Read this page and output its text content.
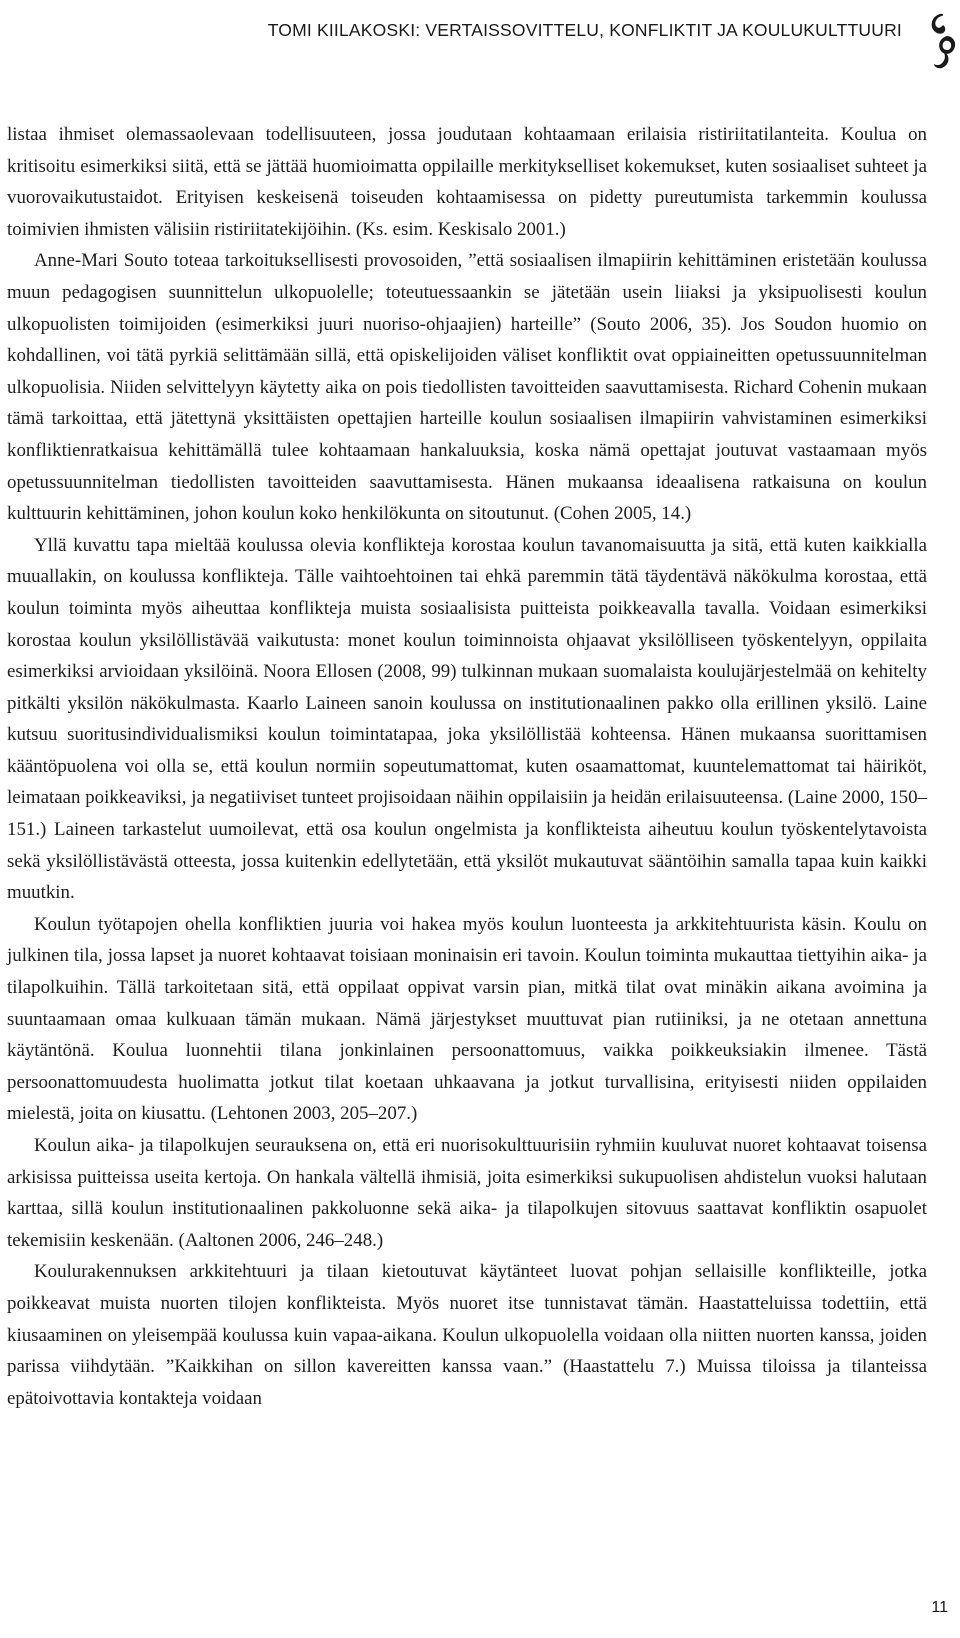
TOMI KIILAKOSKI: VERTAISSOVITTELU, KONFLIKTIT JA KOULUKULTTUURI

listaa ihmiset olemassaolevaan todellisuuteen, jossa joudutaan kohtaamaan erilaisia ristiriitatilanteita. Koulua on kritisoitu esimerkiksi siitä, että se jättää huomioimatta oppilaille merkitykselliset kokemukset, kuten sosiaaliset suhteet ja vuorovaikutustaidot. Erityisen keskeisenä toiseuden kohtaamisessa on pidetty pureutumista tarkemmin koulussa toimivien ihmisten välisiin ristiriitatekijöihin. (Ks. esim. Keskisalo 2001.)

Anne-Mari Souto toteaa tarkoituksellisesti provosoiden, ”että sosiaalisen ilmapiirin kehittäminen eristetään koulussa muun pedagogisen suunnittelun ulkopuolelle; toteutuessaankin se jätetään usein liiaksi ja yksipuolisesti koulun ulkopuolisten toimijoiden (esimerkiksi juuri nuoriso-ohjaajien) harteille” (Souto 2006, 35). Jos Soudon huomio on kohdallinen, voi tätä pyrkiä selittämään sillä, että opiskelijoiden väliset konfliktit ovat oppiaineitten opetussuunnitelman ulkopuolisia. Niiden selvittelyyn käytetty aika on pois tiedollisten tavoitteiden saavuttamisesta. Richard Cohenin mukaan tämä tarkoittaa, että jätettynä yksittäisten opettajien harteille koulun sosiaalisen ilmapiirin vahvistaminen esimerkiksi konfliktienratkaisua kehittämällä tulee kohtaamaan hankaluuksia, koska nämä opettajat joutuvat vastaamaan myös opetussuunnitelman tiedollisten tavoitteiden saavuttamisesta. Hänen mukaansa ideaalisena ratkaisuna on koulun kulttuurin kehittäminen, johon koulun koko henkilökunta on sitoutunut. (Cohen 2005, 14.)

Yllä kuvattu tapa mieltää koulussa olevia konflikteja korostaa koulun tavanomaisuutta ja sitä, että kuten kaikkialla muuallakin, on koulussa konflikteja. Tälle vaihtoehtoinen tai ehkä paremmin tätä täydentävä näkökulma korostaa, että koulun toiminta myös aiheuttaa konflikteja muista sosiaalisista puitteista poikkeavalla tavalla. Voidaan esimerkiksi korostaa koulun yksilöllistävää vaikutusta: monet koulun toiminnoista ohjaavat yksilölliseen työskentelyyn, oppilaita esimerkiksi arvioidaan yksilöinä. Noora Ellosen (2008, 99) tulkinnan mukaan suomalaista koulujärjestelmää on kehitelty pitkälti yksilön näkökulmasta. Kaarlo Laineen sanoin koulussa on institutionaalinen pakko olla erillinen yksilö. Laine kutsuu suoritusindividualismiksi koulun toimintatapaa, joka yksilöllistää kohteensa. Hänen mukaansa suorittamisen kääntöpuolena voi olla se, että koulun normiin sopeutumattomat, kuten osaamattomat, kuuntelemattomat tai häiriköt, leimataan poikkeaviksi, ja negatiiviset tunteet projisoidaan näihin oppilaisiin ja heidän erilaisuuteensa. (Laine 2000, 150–151.) Laineen tarkastelut uumoilevat, että osa koulun ongelmista ja konflikteista aiheutuu koulun työskentelytavoista sekä yksilöllistävästä otteesta, jossa kuitenkin edellytetään, että yksilöt mukautuvat sääntöihin samalla tapaa kuin kaikki muutkin.

Koulun työtapojen ohella konfliktien juuria voi hakea myös koulun luonteesta ja arkkitehtuurista käsin. Koulu on julkinen tila, jossa lapset ja nuoret kohtaavat toisiaan moninaisin eri tavoin. Koulun toiminta mukauttaa tiettyihin aika- ja tilapolkuihin. Tällä tarkoitetaan sitä, että oppilaat oppivat varsin pian, mitkä tilat ovat minäkin aikana avoimina ja suuntaamaan omaa kulkuaan tämän mukaan. Nämä järjestykset muuttuvat pian rutiiniksi, ja ne otetaan annettuna käytäntönä. Koulua luonnehtii tilana jonkinlainen persoonattomuus, vaikka poikkeuksiakin ilmenee. Tästä persoonattomuudesta huolimatta jotkut tilat koetaan uhkaavana ja jotkut turvallisina, erityisesti niiden oppilaiden mielestä, joita on kiusattu. (Lehtonen 2003, 205–207.)

Koulun aika- ja tilapolkujen seurauksena on, että eri nuorisokulttuurisiin ryhmiin kuuluvat nuoret kohtaavat toisensa arkisissa puitteissa useita kertoja. On hankala vältellä ihmisiä, joita esimerkiksi sukupuolisen ahdistelun vuoksi halutaan karttaa, sillä koulun institutionaalinen pakkoluonne sekä aika- ja tilapolkujen sitovuus saattavat konfliktin osapuolet tekemisiin keskenään. (Aaltonen 2006, 246–248.)

Koulurakennuksen arkkitehtuuri ja tilaan kietoutuvat käytänteet luovat pohjan sellaisille konflikteille, jotka poikkeavat muista nuorten tilojen konflikteista. Myös nuoret itse tunnistavat tämän. Haastatteluissa todettiin, että kiusaaminen on yleisempää koulussa kuin vapaa-aikana. Koulun ulkopuolella voidaan olla niitten nuorten kanssa, joiden parissa viihdytään. ”Kaikkihan on sillon kavereitten kanssa vaan.” (Haastattelu 7.) Muissa tiloissa ja tilanteissa epätoivottavia kontakteja voidaan

11
